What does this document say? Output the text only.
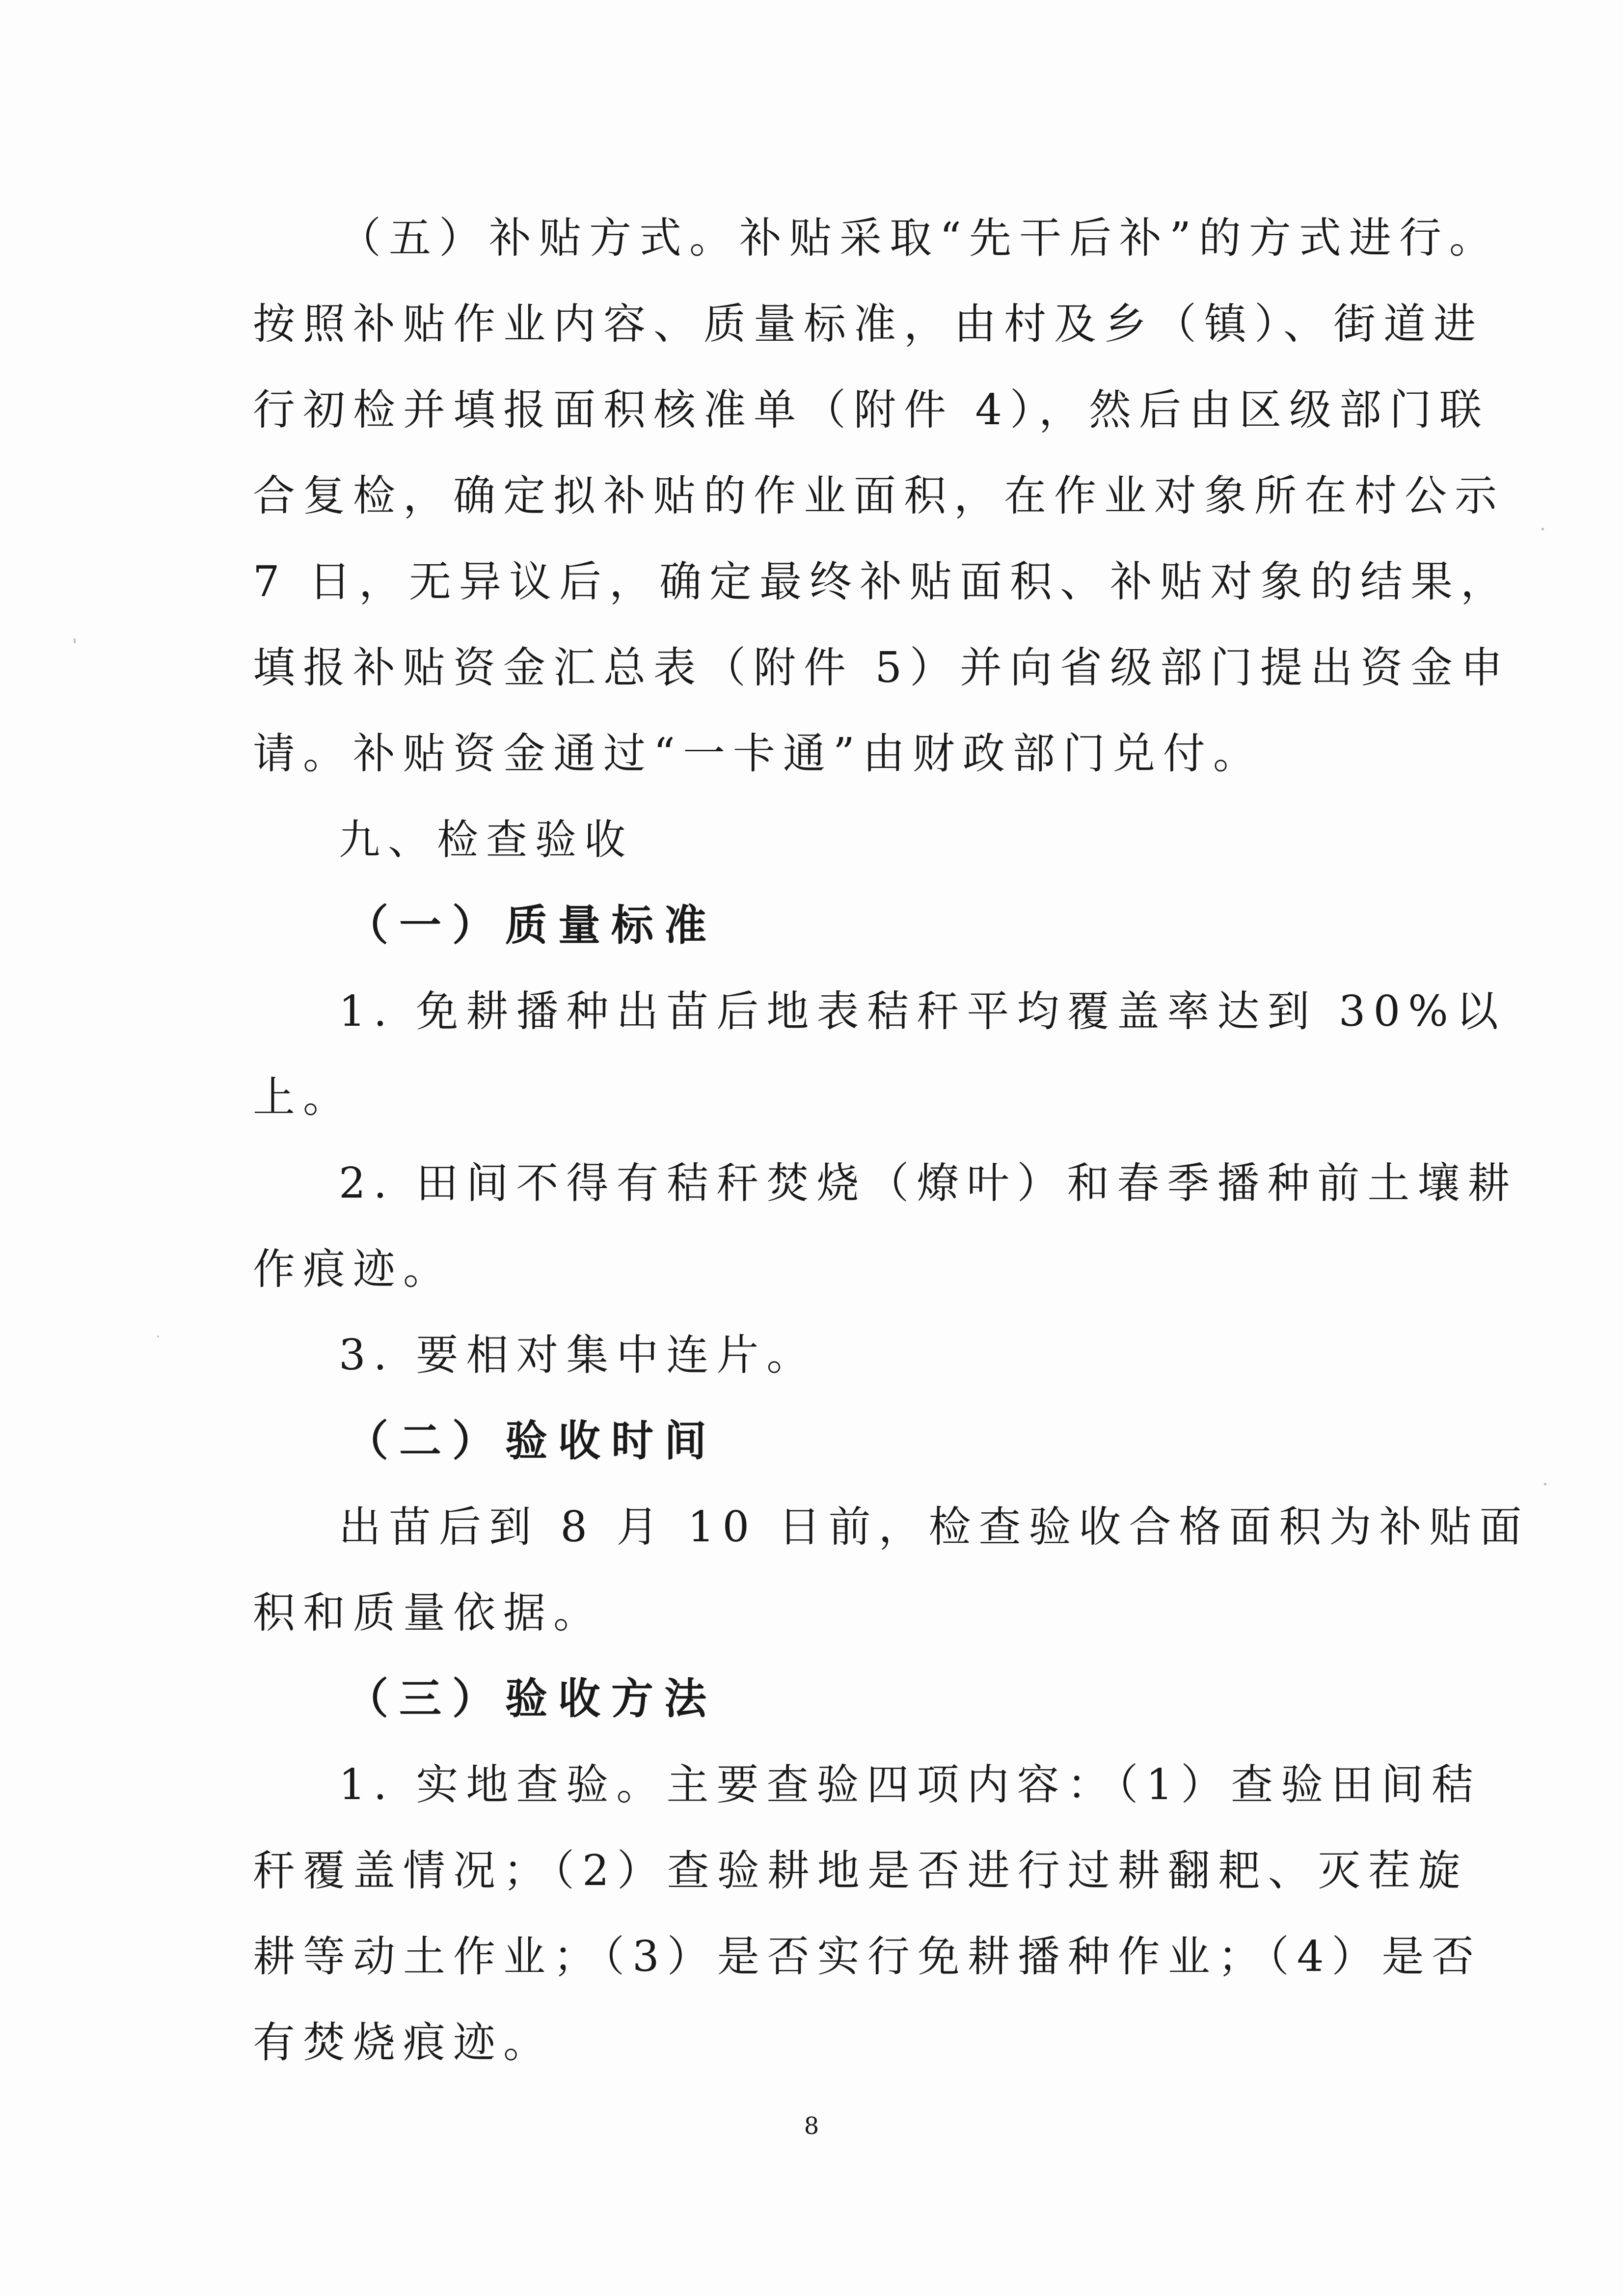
（五）补贴方式。补贴采取“先干后补”的方式进行。
按照补贴作业内容、质量标准，由村及乡（镇）、街道进
行初检并填报面积核准单（附件 4），然后由区级部门联
合复检，确定拟补贴的作业面积，在作业对象所在村公示
7 日，无异议后，确定最终补贴面积、补贴对象的结果，
填报补贴资金汇总表（附件 5）并向省级部门提出资金申
请。补贴资金通过“一卡通”由财政部门兑付。
九、检查验收
（一）质量标准
1. 免耕播种出苗后地表秸秆平均覆盖率达到 30%以
上。
2. 田间不得有秸秆焚烧（燎叶）和春季播种前土壤耕
作痕迹。
3. 要相对集中连片。
（二）验收时间
出苗后到 8 月 10 日前，检查验收合格面积为补贴面
积和质量依据。
（三）验收方法
1. 实地查验。主要查验四项内容：（1）查验田间秸
秆覆盖情况；（2）查验耕地是否进行过耕翻耙、灭茬旋
耕等动土作业；（3）是否实行免耕播种作业；（4）是否
有焚烧痕迹。
8
